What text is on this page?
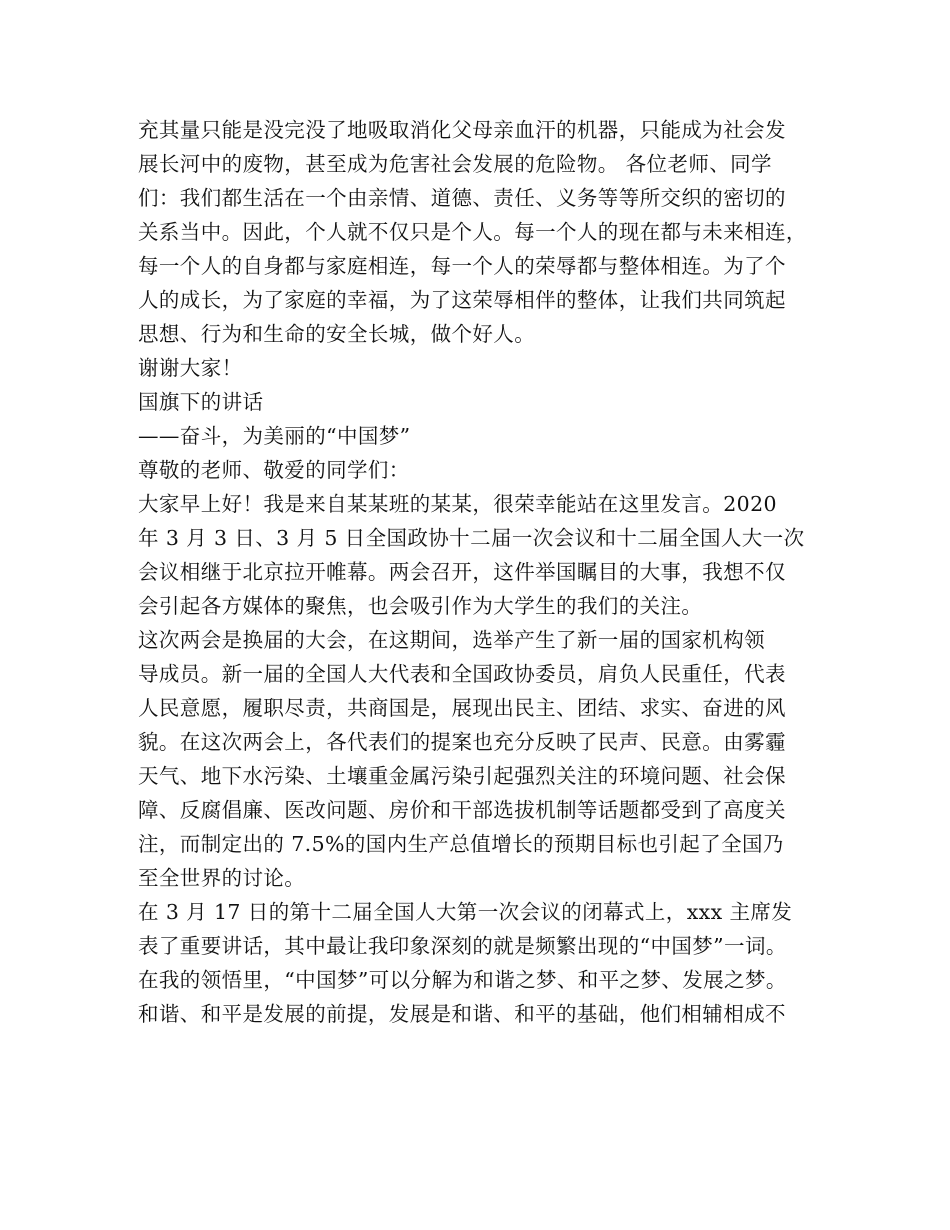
充其量只能是没完没了地吸取消化父母亲血汗的机器，只能成为社会发
展长河中的废物，甚至成为危害社会发展的危险物。 各位老师、同学
们：我们都生活在一个由亲情、道德、责任、义务等等所交织的密切的
关系当中。因此，个人就不仅只是个人。每一个人的现在都与未来相连，
每一个人的自身都与家庭相连，每一个人的荣辱都与整体相连。为了个
人的成长，为了家庭的幸福，为了这荣辱相伴的整体，让我们共同筑起
思想、行为和生命的安全长城，做个好人。
谢谢大家！
国旗下的讲话
——奋斗，为美丽的“中国梦”
尊敬的老师、敬爱的同学们：
大家早上好！我是来自某某班的某某，很荣幸能站在这里发言。2020
年 3 月 3 日、3 月 5 日全国政协十二届一次会议和十二届全国人大一次
会议相继于北京拉开帷幕。两会召开，这件举国瞩目的大事，我想不仅
会引起各方媒体的聚焦，也会吸引作为大学生的我们的关注。
这次两会是换届的大会，在这期间，选举产生了新一届的国家机构领
导成员。新一届的全国人大代表和全国政协委员，肩负人民重任，代表
人民意愿，履职尽责，共商国是，展现出民主、团结、求实、奋进的风
貌。在这次两会上，各代表们的提案也充分反映了民声、民意。由雾霾
天气、地下水污染、土壤重金属污染引起强烈关注的环境问题、社会保
障、反腐倡廉、医改问题、房价和干部选拔机制等话题都受到了高度关
注，而制定出的 7.5%的国内生产总值增长的预期目标也引起了全国乃
至全世界的讨论。
在 3 月 17 日的第十二届全国人大第一次会议的闭幕式上，xxx 主席发
表了重要讲话，其中最让我印象深刻的就是频繁出现的“中国梦”一词。
在我的领悟里，“中国梦”可以分解为和谐之梦、和平之梦、发展之梦。
和谐、和平是发展的前提，发展是和谐、和平的基础，他们相辅相成不
